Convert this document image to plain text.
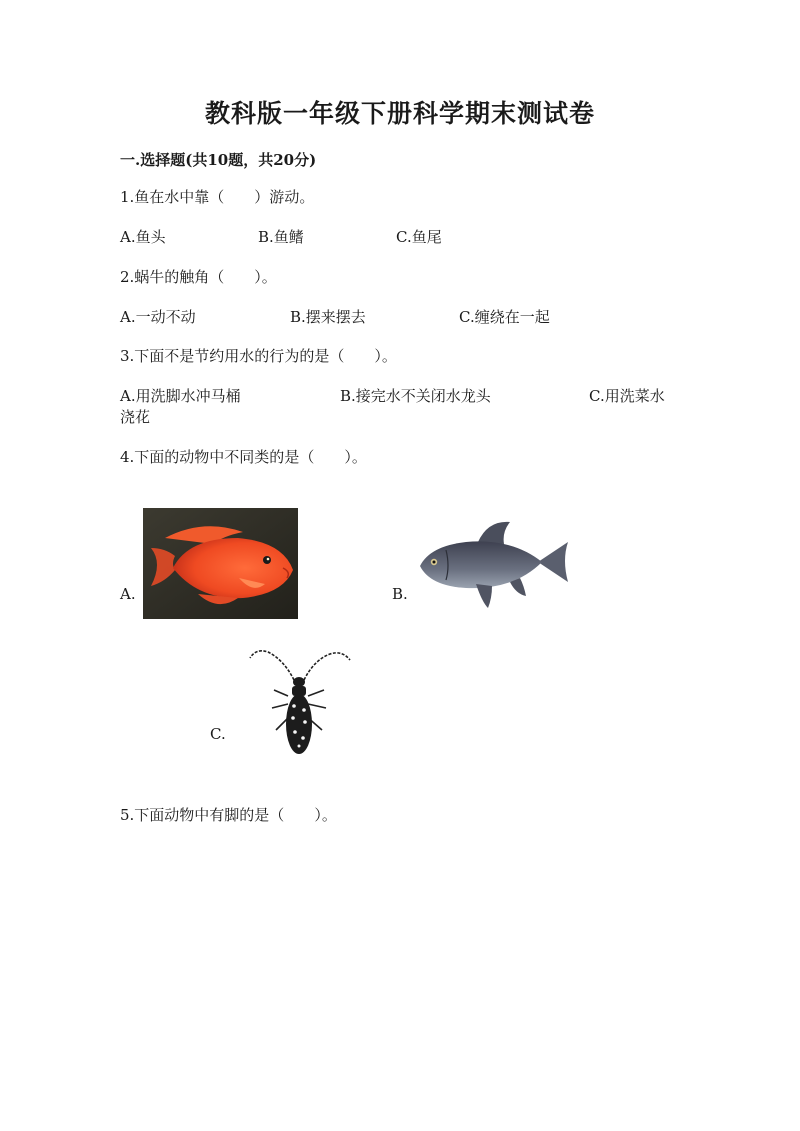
教科版一年级下册科学期末测试卷
一.选择题(共10题，共20分)
1.鱼在水中靠（　　）游动。
A.鱼头	B.鱼鳍	C.鱼尾
2.蜗牛的触角（　　）。
A.一动不动	B.摆来摆去	C.缠绕在一起
3.下面不是节约用水的行为的是（　　）。
A.用洗脚水冲马桶	B.接完水不关闭水龙头	C.用洗菜水
浇花
4.下面的动物中不同类的是（　　）。
A.	B.
C.
5.下面动物中有脚的是（　　）。
